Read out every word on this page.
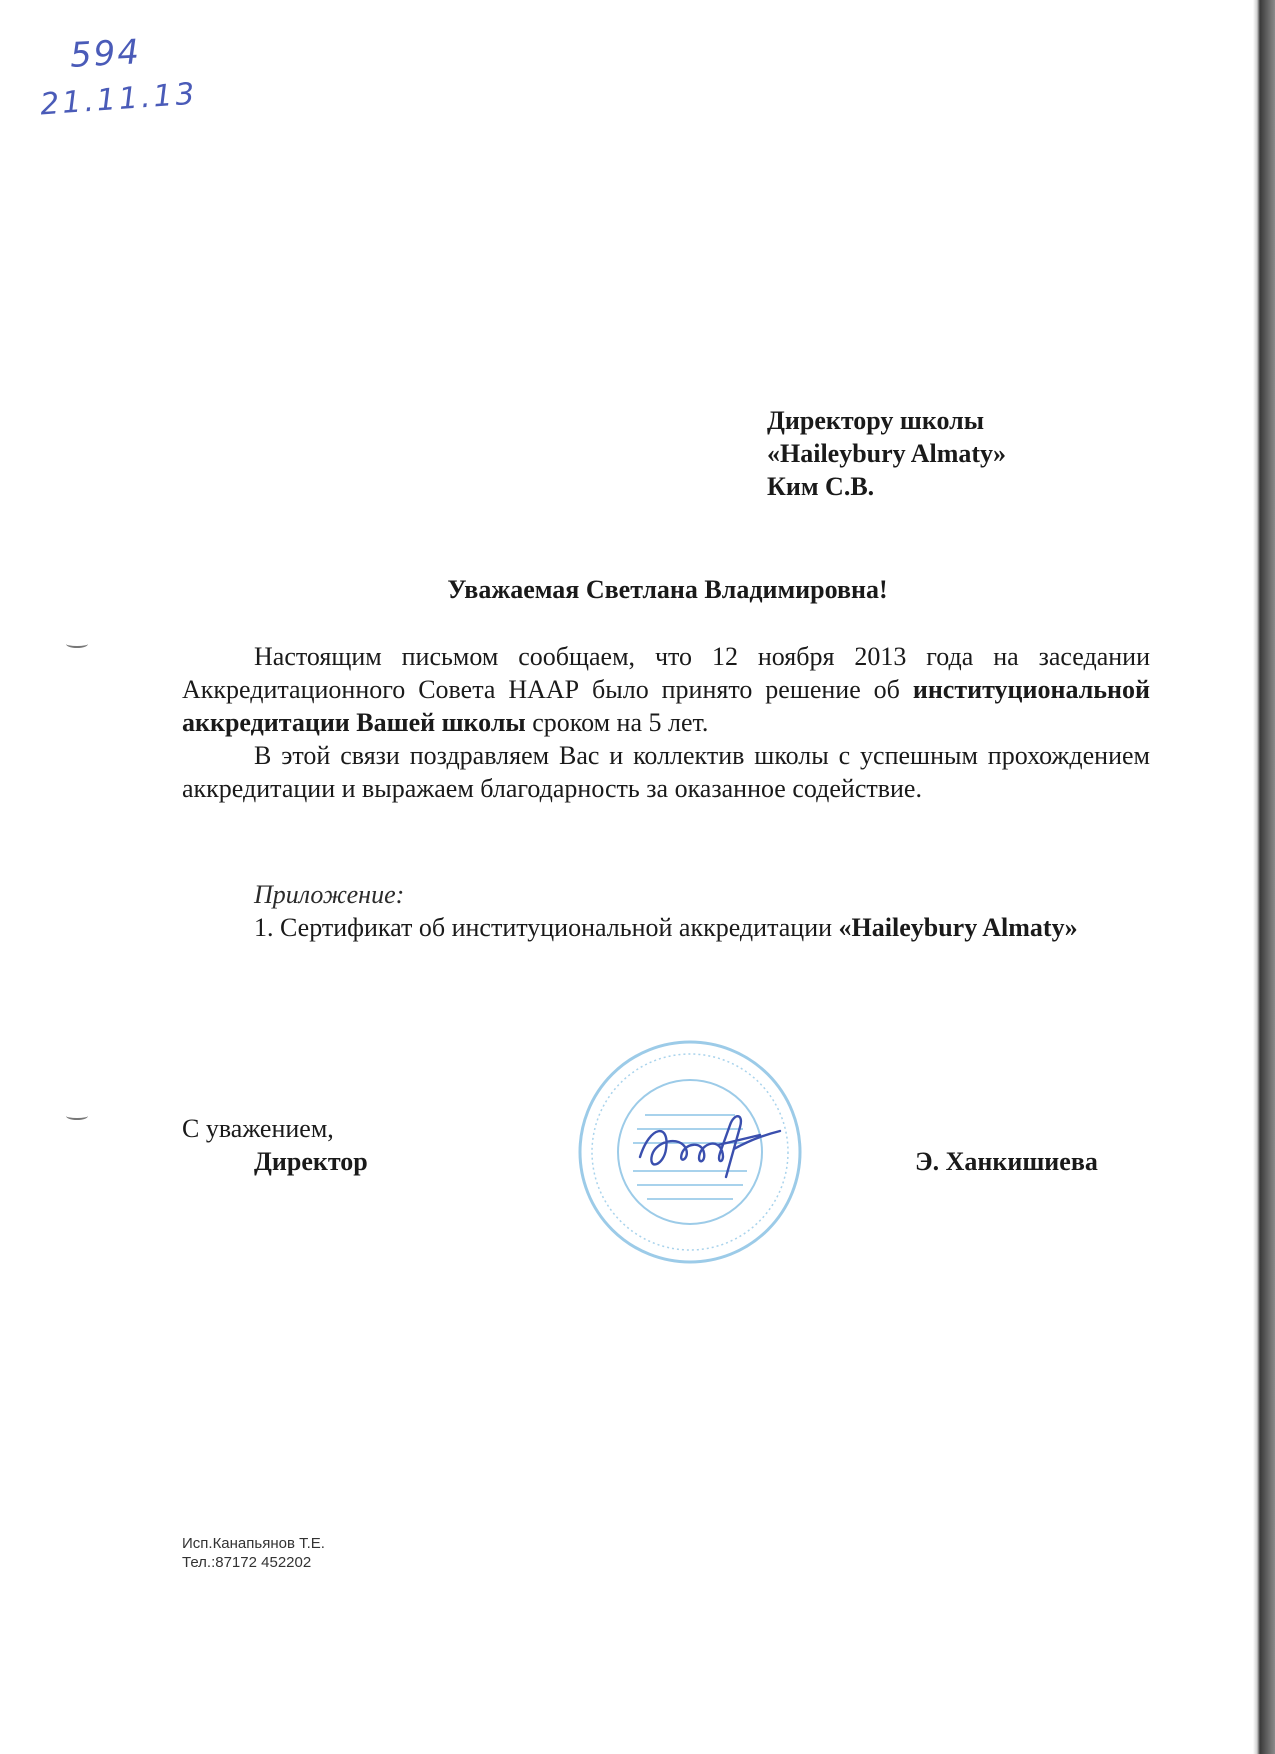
594
21.11.13
Директору школы
«Haileybury Almaty»
Ким С.В.
Уважаемая Светлана Владимировна!

Настоящим письмом сообщаем, что 12 ноября 2013 года на заседании Аккредитационного Совета НААР было принято решение об институциональной аккредитации Вашей школы сроком на 5 лет.

В этой связи поздравляем Вас и коллектив школы с успешным прохождением аккредитации и выражаем благодарность за оказанное содействие.

Приложение:

1. Сертификат об институциональной аккредитации «Haileybury Almaty»

С уважением,
Директор	Э. Ханкишиева
Исп.Канапьянов Т.Е.
Тел.:87172 452202
